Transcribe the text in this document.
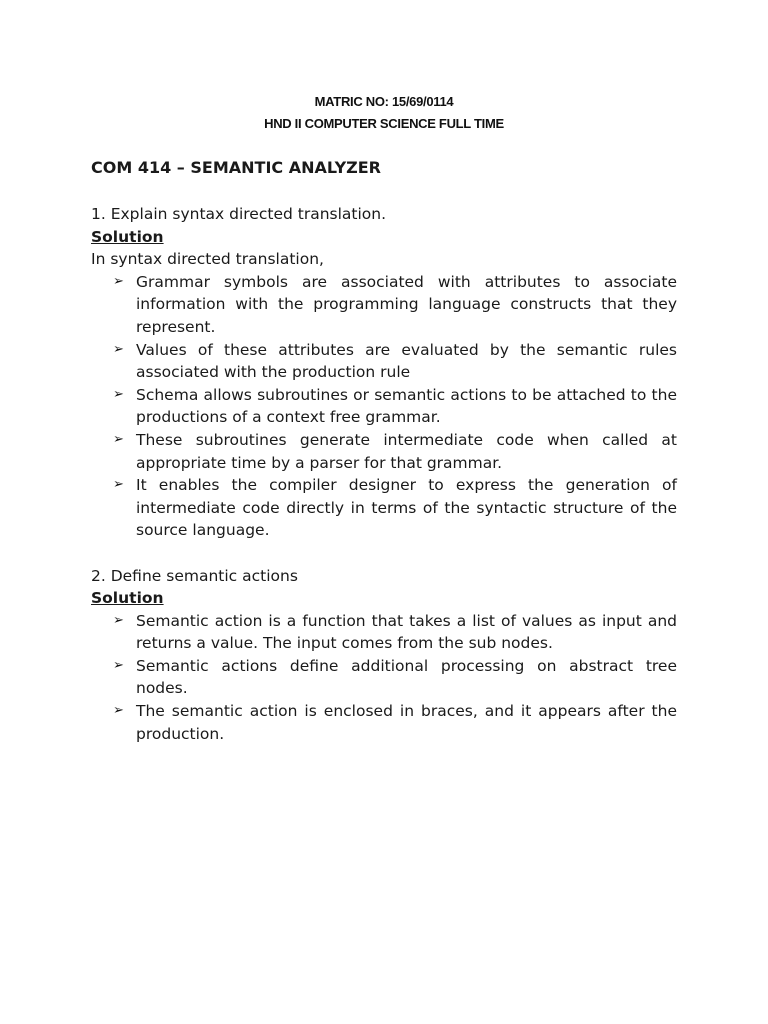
MATRIC NO: 15/69/0114
HND II COMPUTER SCIENCE FULL TIME
COM 414 – SEMANTIC ANALYZER

1. Explain syntax directed translation.

Solution

In syntax directed translation,

➢ Grammar symbols are associated with attributes to associate information with the programming language constructs that they represent.
➢ Values of these attributes are evaluated by the semantic rules associated with the production rule
➢ Schema allows subroutines or semantic actions to be attached to the productions of a context free grammar.
➢ These subroutines generate intermediate code when called at appropriate time by a parser for that grammar.
➢ It enables the compiler designer to express the generation of intermediate code directly in terms of the syntactic structure of the source language.

2. Define semantic actions

Solution

➢ Semantic action is a function that takes a list of values as input and returns a value. The input comes from the sub nodes.
➢ Semantic actions define additional processing on abstract tree nodes.
➢ The semantic action is enclosed in braces, and it appears after the production.
